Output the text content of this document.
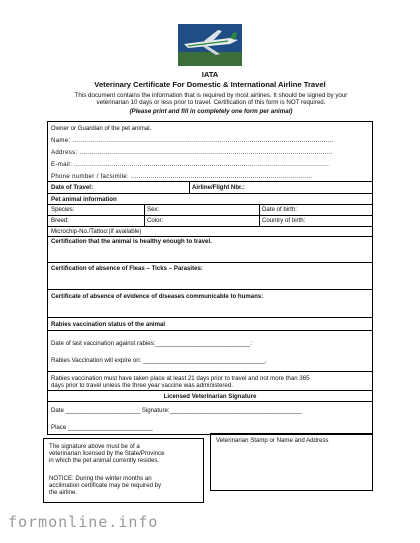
IATA
Veterinary Certificate For Domestic & International Airline Travel
This document contains the information that is required by most airlines. It should be signed by your
veterinarian 10 days or less prior to travel. Certification of this form is NOT required.
(Please print and fill in completely one form per animal)
Owner or Guardian of the pet animal.
Name: ...................................................................................................................................
Address: ...............................................................................................................................
E-mail: ................................................................................................................................
Phone number / facsimile: ...........................................................................................
Date of Travel:	Airline/Flight Nbr.:
Pet animal information
Species:	Sex:	Date of birth:
Breed:	Color:	Country of birth:
Microchip-No./Tattoo:(if available)
Certification that the animal is healthy enough to travel.
Certification of absence of Fleas – Ticks – Parasites:
Certificate of absence of evidence of diseases communicable to humans:
Rabies vaccination status of the animal
Date of last vaccination against rabies:____________________________:
Rabies Vaccination will expire on: ____________________________________,
Rabies vaccination must have taken place at least 21 days prior to travel and not more than 365
days prior to travel unless the three year vaccine was administered.
Licensed Veterinarian Signature
Date ______________________ Signature:_______________________________________
Place _________________________
The signature above must be of a
veterinarian licensed by the State/Province
in which the pet animal currently resides.
NOTICE: During the winter months an
acclimation certificate may be required by
the airline.
Veterinarian Stamp or Name and Address
formonline.info
